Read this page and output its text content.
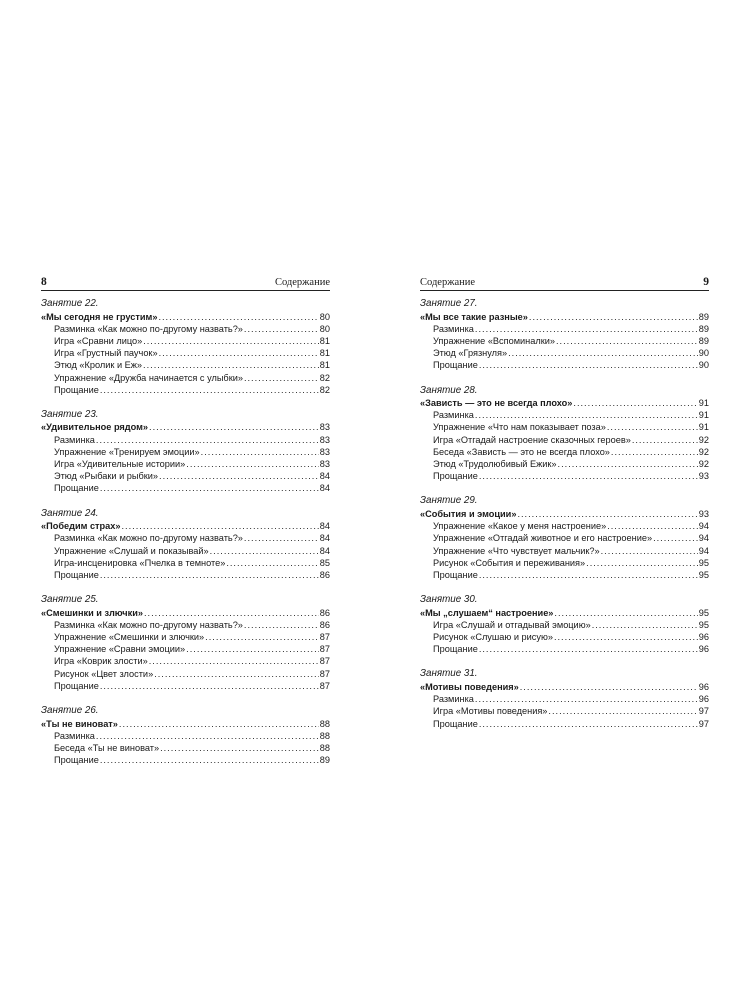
8	Содержание
Занятие 22.
«Мы сегодня не грустим» .....	80
Разминка «Как можно по-другому назвать?» .....	80
Игра «Сравни лицо» .....	81
Игра «Грустный паучок» .....	81
Этюд «Кролик и Еж» .....	81
Упражнение «Дружба начинается с улыбки» .....	82
Прощание .....	82
Занятие 23.
«Удивительное рядом» .....	83
Разминка .....	83
Упражнение «Тренируем эмоции» .....	83
Игра «Удивительные истории» .....	83
Этюд «Рыбаки и рыбки» .....	84
Прощание .....	84
Занятие 24.
«Победим страх» .....	84
Разминка «Как можно по-другому назвать?» .....	84
Упражнение «Слушай и показывай» .....	84
Игра-инсценировка «Пчелка в темноте» .....	85
Прощание .....	86
Занятие 25.
«Смешинки и злючки» .....	86
Разминка «Как можно по-другому назвать?» .....	86
Упражнение «Смешинки и злючки» .....	87
Упражнение «Сравни эмоции» .....	87
Игра «Коврик злости» .....	87
Рисунок «Цвет злости» .....	87
Прощание .....	87
Занятие 26.
«Ты не виноват» .....	88
Разминка .....	88
Беседа «Ты не виноват» .....	88
Прощание .....	89
Содержание	9
Занятие 27.
«Мы все такие разные» .....	89
Разминка .....	89
Упражнение «Вспоминалки» .....	89
Этюд «Грязнуля» .....	90
Прощание .....	90
Занятие 28.
«Зависть — это не всегда плохо» .....	91
Разминка .....	91
Упражнение «Что нам показывает поза» .....	91
Игра «Отгадай настроение сказочных героев» .....	92
Беседа «Зависть — это не всегда плохо» .....	92
Этюд «Трудолюбивый Ежик» .....	92
Прощание .....	93
Занятие 29.
«События и эмоции» .....	93
Упражнение «Какое у меня настроение» .....	94
Упражнение «Отгадай животное и его настроение» .....	94
Упражнение «Что чувствует мальчик?» .....	94
Рисунок «События и переживания» .....	95
Прощание .....	95
Занятие 30.
«Мы „слушаем“ настроение» .....	95
Игра «Слушай и отгадывай эмоцию» .....	95
Рисунок «Слушаю и рисую» .....	96
Прощание .....	96
Занятие 31.
«Мотивы поведения» .....	96
Разминка .....	96
Игра «Мотивы поведения» .....	97
Прощание .....	97
